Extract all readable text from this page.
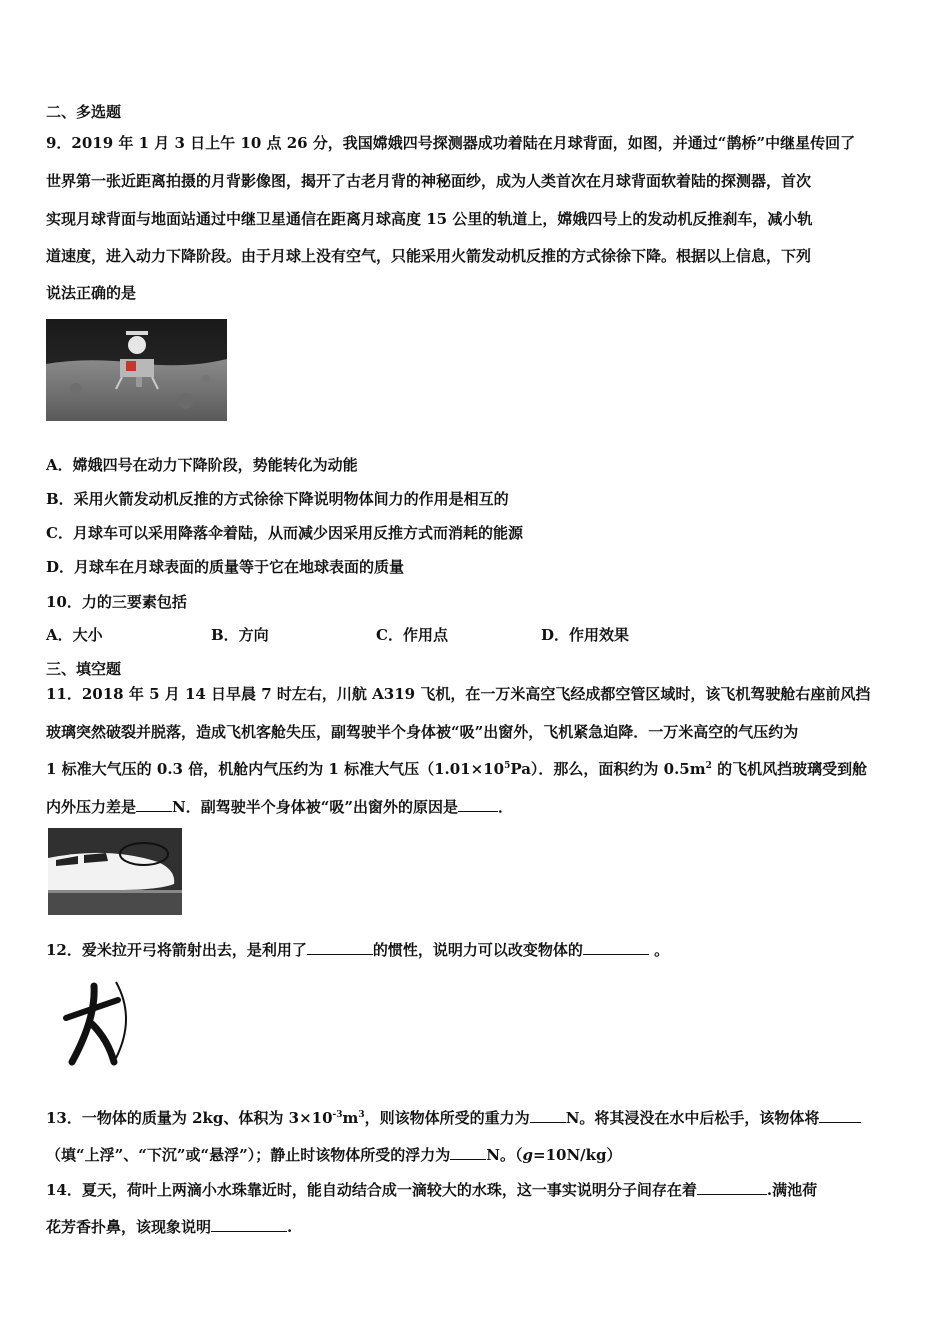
二、多选题
9．2019 年 1 月 3 日上午 10 点 26 分，我国嫦娥四号探测器成功着陆在月球背面，如图，并通过“鹊桥”中继星传回了
世界第一张近距离拍摄的月背影像图，揭开了古老月背的神秘面纱，成为人类首次在月球背面软着陆的探测器，首次
实现月球背面与地面站通过中继卫星通信在距离月球高度 15 公里的轨道上，嫦娥四号上的发动机反推刹车，减小轨
道速度，进入动力下降阶段。由于月球上没有空气，只能采用火箭发动机反推的方式徐徐下降。根据以上信息，下列
说法正确的是
A．嫦娥四号在动力下降阶段，势能转化为动能
B．采用火箭发动机反推的方式徐徐下降说明物体间力的作用是相互的
C．月球车可以采用降落伞着陆，从而减少因采用反推方式而消耗的能源
D．月球车在月球表面的质量等于它在地球表面的质量
10．力的三要素包括
A．大小	B．方向	C．作用点	D．作用效果
三、填空题
11．2018 年 5 月 14 日早晨 7 时左右，川航 A319 飞机，在一万米高空飞经成都空管区域时，该飞机驾驶舱右座前风挡
玻璃突然破裂并脱落，造成飞机客舱失压，副驾驶半个身体被“吸”出窗外，飞机紧急迫降．一万米高空的气压约为
1 标准大气压的 0.3 倍，机舱内气压约为 1 标准大气压$(1.01\times 10^5Pa)$．那么，面积约为 $0.5m^2$ 的飞机风挡玻璃受到舱
内外压力差是 N．副驾驶半个身体被“吸”出窗外的原因是	．
12．爱米拉开弓将箭射出去，是利用了	的惯性，说明力可以改变物体的	。
13．一物体的质量为 2kg、体积为 $3\times 10^{-3}m^3$，则该物体所受的重力为 N。将其浸没在水中后松手，该物体将
（填“上浮”、“下沉”或“悬浮”）；静止时该物体所受的浮力为 N。（g=10N/kg）
14．夏天，荷叶上两滴小水珠靠近时，能自动结合成一滴较大的水珠，这一事实说明分子间存在着	.满池荷
花芳香扑鼻，该现象说明	.
